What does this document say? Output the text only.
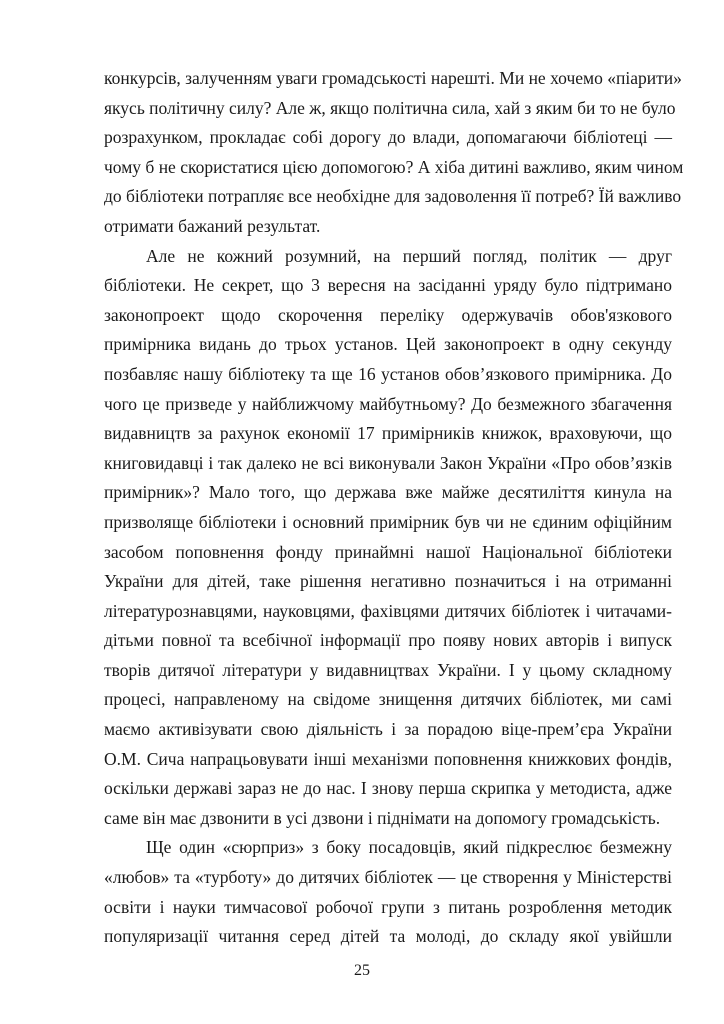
конкурсів, залученням уваги громадськості нарешті. Ми не хочемо «піарити»
якусь політичну силу? Але ж, якщо політична сила, хай з яким би то не було
розрахунком, прокладає собі дорогу до влади, допомагаючи бібліотеці —
чому б не скористатися цією допомогою? А хіба дитині важливо, яким чином
до бібліотеки потрапляє все необхідне для задоволення її потреб? Їй важливо
отримати бажаний результат.
Але не кожний розумний, на перший погляд, політик — друг
бібліотеки. Не секрет, що 3 вересня на засіданні уряду було підтримано
законопроект щодо скорочення переліку одержувачів обов'язкового
примірника видань до трьох установ. Цей законопроект в одну секунду
позбавляє нашу бібліотеку та ще 16 установ обов’язкового примірника. До
чого це призведе у найближчому майбутньому? До безмежного збагачення
видавництв за рахунок економії 17 примірників книжок, враховуючи, що
книговидавці і так далеко не всі виконували Закон України «Про обов’язків
примірник»? Мало того, що держава вже майже десятиліття кинула на
призволяще бібліотеки і основний примірник був чи не єдиним офіційним
засобом поповнення фонду принаймні нашої Національної бібліотеки
України для дітей, таке рішення негативно позначиться і на отриманні
літературознавцями, науковцями, фахівцями дитячих бібліотек і читачами-
дітьми повної та всебічної інформації про появу нових авторів і випуск
творів дитячої літератури у видавництвах України. І у цьому складному
процесі, направленому на свідоме знищення дитячих бібліотек, ми самі
маємо активізувати свою діяльність і за порадою віце-прем’єра України
О.М. Сича напрацьовувати інші механізми поповнення книжкових фондів,
оскільки державі зараз не до нас. І знову перша скрипка у методиста, адже
саме він має дзвонити в усі дзвони і піднімати на допомогу громадськість.
Ще один «сюрприз» з боку посадовців, який підкреслює безмежну
«любов» та «турботу» до дитячих бібліотек — це створення у Міністерстві
освіти і науки тимчасової робочої групи з питань розроблення методик
популяризації читання серед дітей та молоді, до складу якої увійшли
25
